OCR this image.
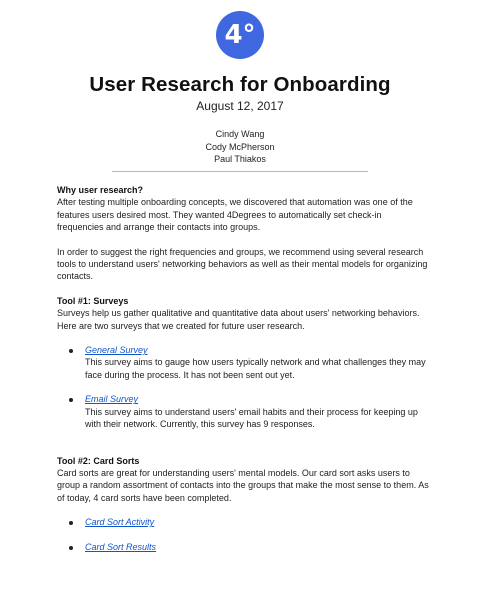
4°
User Research for Onboarding
August 12, 2017
Cindy Wang
Cody McPherson
Paul Thiakos

Why user research?

After testing multiple onboarding concepts, we discovered that automation was one of the features users desired most. They wanted 4Degrees to automatically set check-in frequencies and arrange their contacts into groups.

In order to suggest the right frequencies and groups, we recommend using several research tools to understand users' networking behaviors as well as their mental models for organizing contacts.

Tool #1: Surveys

Surveys help us gather qualitative and quantitative data about users' networking behaviors. Here are two surveys that we created for future user research.

General Survey
This survey aims to gauge how users typically network and what challenges they may face during the process. It has not been sent out yet.
Email Survey
This survey aims to understand users' email habits and their process for keeping up with their network. Currently, this survey has 9 responses.

Tool #2: Card Sorts

Card sorts are great for understanding users' mental models. Our card sort asks users to group a random assortment of contacts into the groups that make the most sense to them. As of today, 4 card sorts have been completed.

Card Sort Activity
Card Sort Results
